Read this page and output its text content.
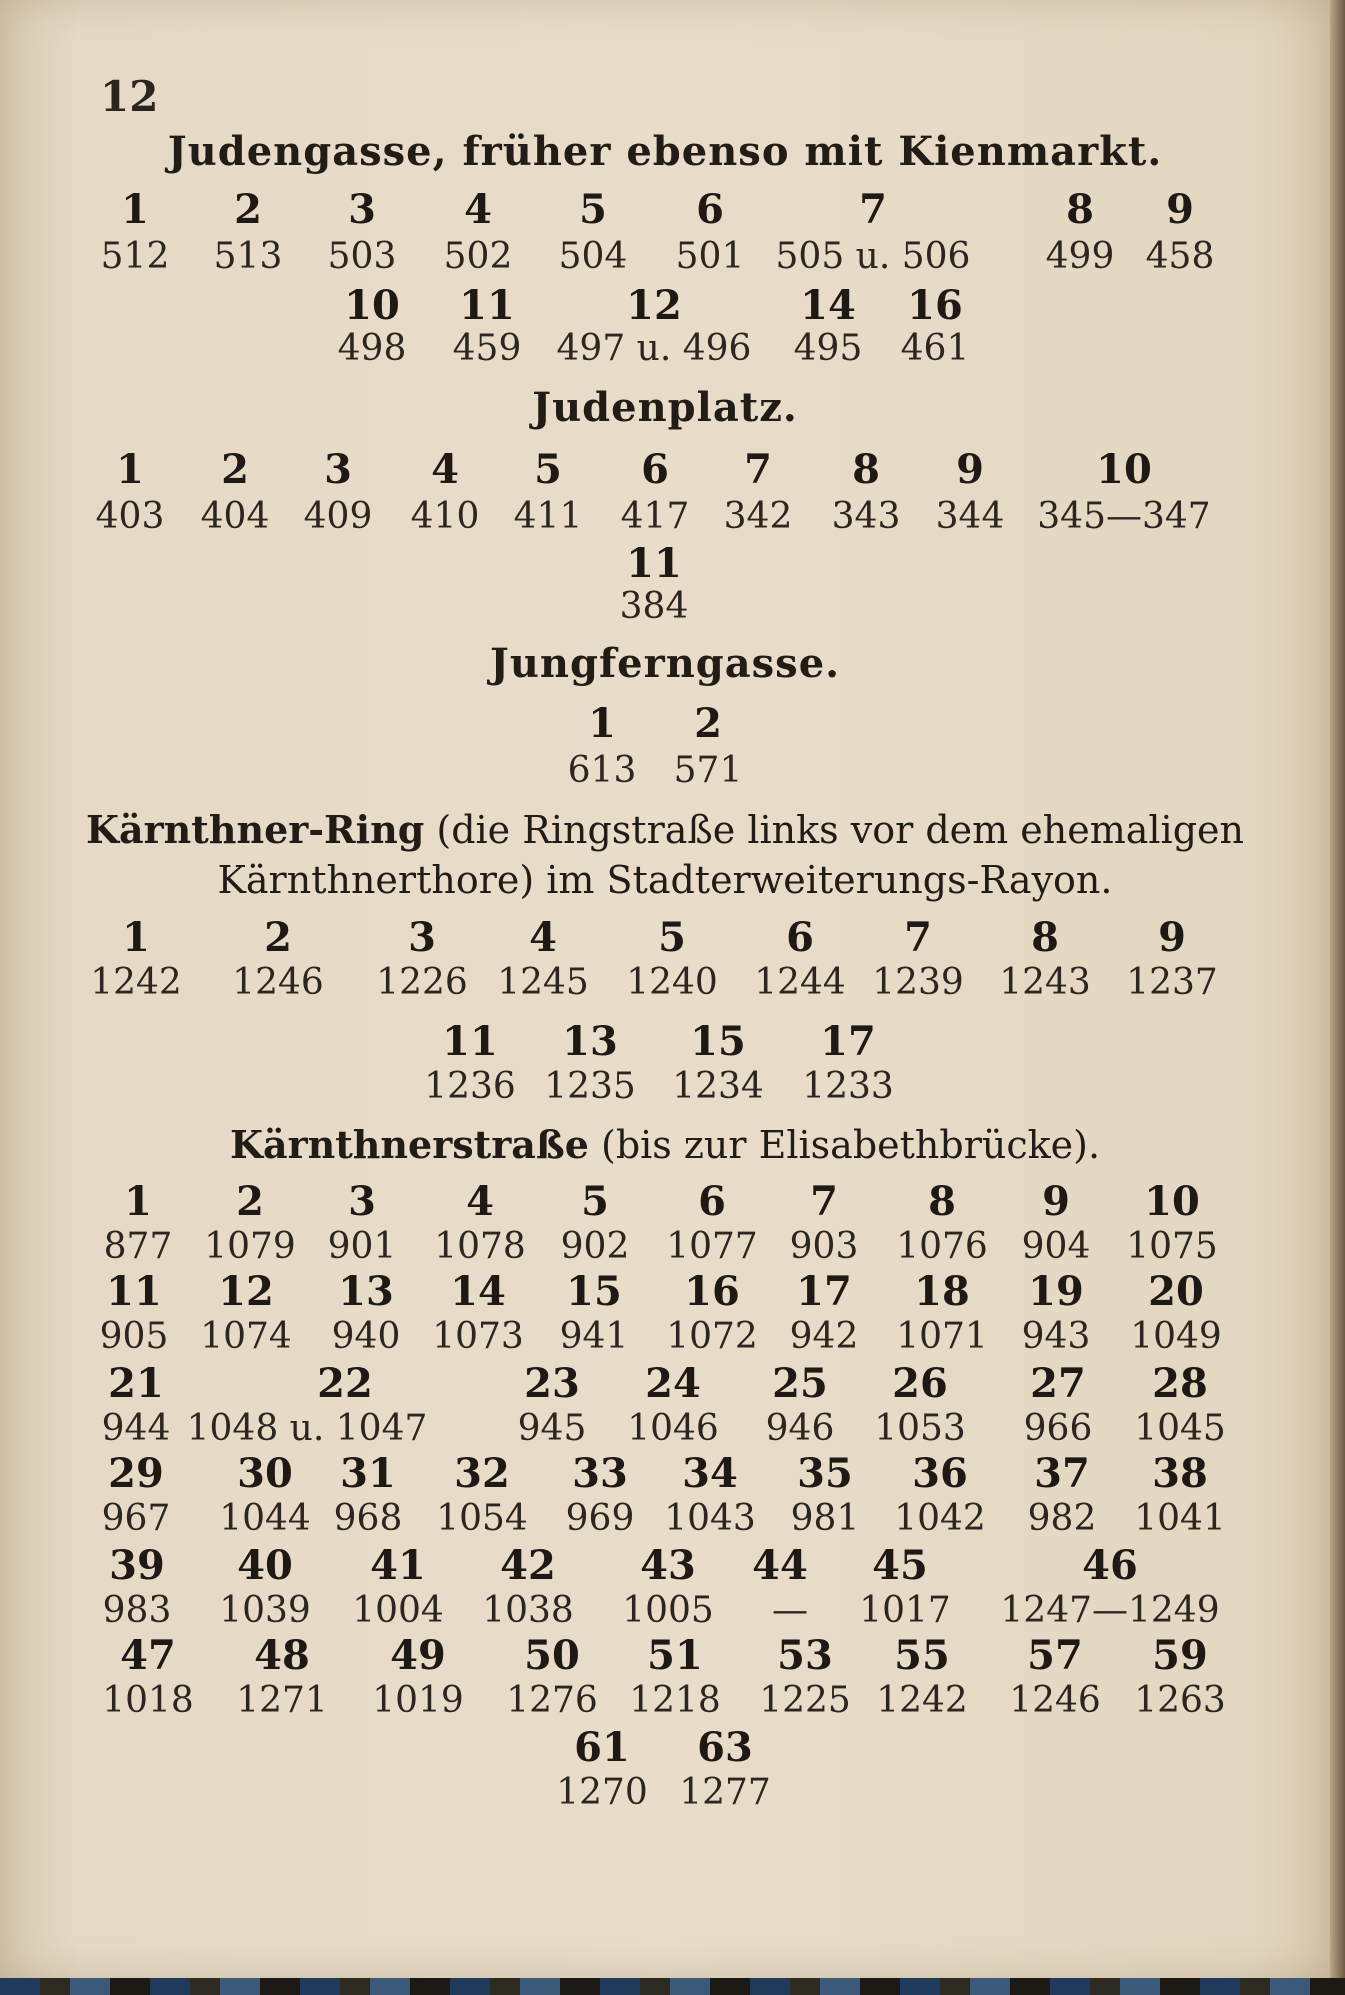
12
Judengasse, früher ebenso mit Kienmarkt.
1 2 3 4 5 6	7	8 9
512 513 503 502 504 501 505 u. 506 499 458
10 11	12	14 16
498 459 497 u. 496 495 461
Judenplatz.
1 2 3 4 5 6 7 8 9	10
403 404 409 410 411 417 342 343 344 345—347
11
384
Jungferngasse.
1 2
613 571
Kärnthner-Ring (die Ringstraße links vor dem ehemaligen
Kärnthnerthore) im Stadterweiterungs-Rayon.
1	2	3 4	5	6 7 8 9
1242 1246 1226 1245 1240 1244 1239 1243 1237
11 13 15 17
1236 1235 1234 1233
Kärnthnerstraße (bis zur Elisabethbrücke).
1 2 3 4 5 6 7 8 9 10
877 1079 901 1078 902 1077 903 1076 904 1075
11 12 13 14 15 16 17 18 19 20
905 1074 940 1073 941 1072 942 1071 943 1049
21	22	23 24 25 26 27 28
944 1048 u. 1047	945 1046 946 1053 966 1045
29 30 31 32 33 34 35 36 37 38
967 1044 968 1054 969 1043 981 1042 982 1041
39 40 41 42 43 44 45	46
983 1039 1004 1038 1005 — 1017 1247—1249
47 48 49 50 51 53 55 57 59
1018 1271 1019 1276 1218 1225 1242 1246 1263
61 63
1270 1277
